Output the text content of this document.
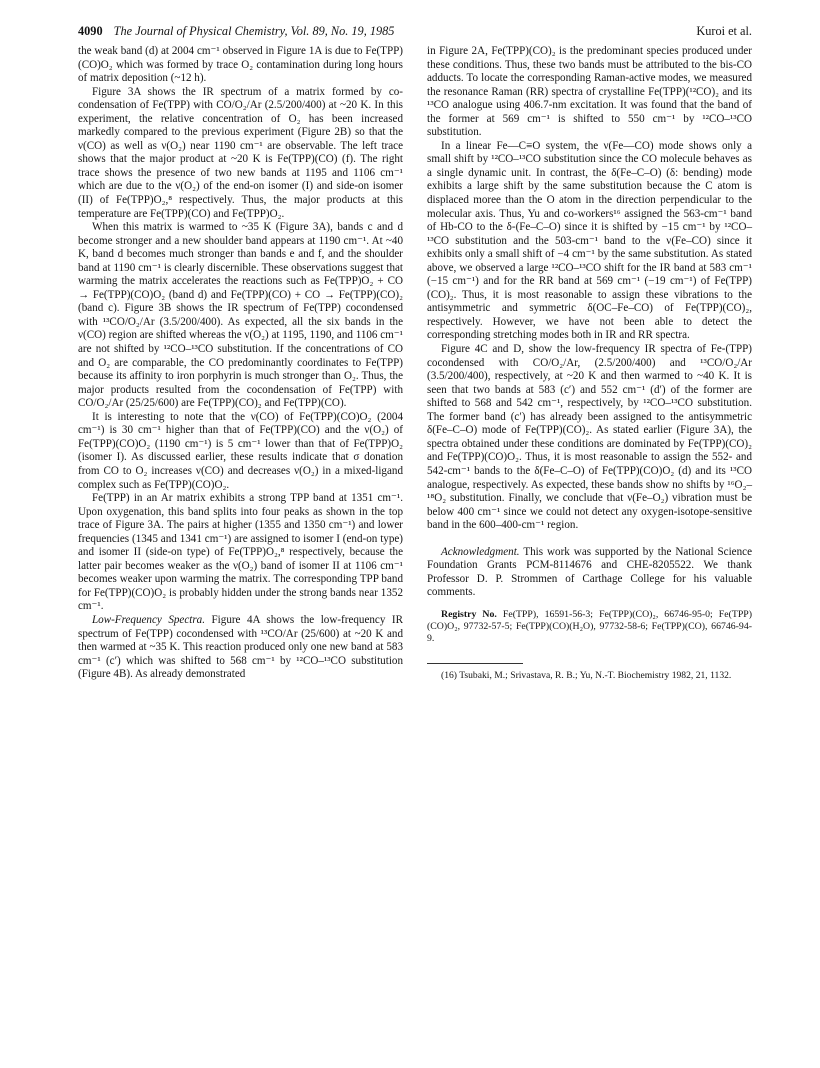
4090 The Journal of Physical Chemistry, Vol. 89, No. 19, 1985	Kuroi et al.

the weak band (d) at 2004 cm⁻¹ observed in Figure 1A is due to Fe(TPP)(CO)O₂ which was formed by trace O₂ contamination during long hours of matrix deposition (~12 h).

Figure 3A shows the IR spectrum of a matrix formed by co-condensation of Fe(TPP) with CO/O₂/Ar (2.5/200/400) at ~20 K. In this experiment, the relative concentration of O₂ has been increased markedly compared to the previous experiment (Figure 2B) so that the ν(CO) as well as ν(O₂) near 1190 cm⁻¹ are observable. The left trace shows that the major product at ~20 K is Fe(TPP)(CO) (f). The right trace shows the presence of two new bands at 1195 and 1106 cm⁻¹ which are due to the ν(O₂) of the end-on isomer (I) and side-on isomer (II) of Fe(TPP)O₂,⁸ respectively. Thus, the major products at this temperature are Fe(TPP)(CO) and Fe(TPP)O₂.

When this matrix is warmed to ~35 K (Figure 3A), bands c and d become stronger and a new shoulder band appears at 1190 cm⁻¹. At ~40 K, band d becomes much stronger than bands e and f, and the shoulder band at 1190 cm⁻¹ is clearly discernible. These observations suggest that warming the matrix accelerates the reactions such as Fe(TPP)O₂ + CO → Fe(TPP)(CO)O₂ (band d) and Fe(TPP)(CO) + CO → Fe(TPP)(CO)₂ (band c). Figure 3B shows the IR spectrum of Fe(TPP) cocondensed with ¹³CO/O₂/Ar (3.5/200/400). As expected, all the six bands in the ν(CO) region are shifted whereas the ν(O₂) at 1195, 1190, and 1106 cm⁻¹ are not shifted by ¹²CO–¹³CO substitution. If the concentrations of CO and O₂ are comparable, the CO predominantly coordinates to Fe(TPP) because its affinity to iron porphyrin is much stronger than O₂. Thus, the major products resulted from the cocondensation of Fe(TPP) with CO/O₂/Ar (25/25/600) are Fe(TPP)(CO)₂ and Fe(TPP)(CO).

It is interesting to note that the ν(CO) of Fe(TPP)(CO)O₂ (2004 cm⁻¹) is 30 cm⁻¹ higher than that of Fe(TPP)(CO) and the ν(O₂) of Fe(TPP)(CO)O₂ (1190 cm⁻¹) is 5 cm⁻¹ lower than that of Fe(TPP)O₂ (isomer I). As discussed earlier, these results indicate that σ donation from CO to O₂ increases ν(CO) and decreases ν(O₂) in a mixed-ligand complex such as Fe(TPP)(CO)O₂.

Fe(TPP) in an Ar matrix exhibits a strong TPP band at 1351 cm⁻¹. Upon oxygenation, this band splits into four peaks as shown in the top trace of Figure 3A. The pairs at higher (1355 and 1350 cm⁻¹) and lower frequencies (1345 and 1341 cm⁻¹) are assigned to isomer I (end-on type) and isomer II (side-on type) of Fe(TPP)O₂,⁸ respectively, because the latter pair becomes weaker as the ν(O₂) band of isomer II at 1106 cm⁻¹ becomes weaker upon warming the matrix. The corresponding TPP band for Fe(TPP)(CO)O₂ is probably hidden under the strong bands near 1352 cm⁻¹.

Low-Frequency Spectra. Figure 4A shows the low-frequency IR spectrum of Fe(TPP) cocondensed with ¹³CO/Ar (25/600) at ~20 K and then warmed at ~35 K. This reaction produced only one new band at 583 cm⁻¹ (c′) which was shifted to 568 cm⁻¹ by ¹²CO–¹³CO substitution (Figure 4B). As already demonstrated

in Figure 2A, Fe(TPP)(CO)₂ is the predominant species produced under these conditions. Thus, these two bands must be attributed to the bis-CO adducts. To locate the corresponding Raman-active modes, we measured the resonance Raman (RR) spectra of crystalline Fe(TPP)(¹²CO)₂ and its ¹³CO analogue using 406.7-nm excitation. It was found that the band of the former at 569 cm⁻¹ is shifted to 550 cm⁻¹ by ¹²CO–¹³CO substitution.

In a linear Fe—C≡O system, the ν(Fe—CO) mode shows only a small shift by ¹²CO–¹³CO substitution since the CO molecule behaves as a single dynamic unit. In contrast, the δ(Fe–C–O) (δ: bending) mode exhibits a large shift by the same substitution because the C atom is displaced moree than the O atom in the direction perpendicular to the molecular axis. Thus, Yu and co-workers¹⁶ assigned the 563-cm⁻¹ band of Hb-CO to the δ-(Fe–C–O) since it is shifted by −15 cm⁻¹ by ¹²CO–¹³CO substitution and the 503-cm⁻¹ band to the ν(Fe–CO) since it exhibits only a small shift of −4 cm⁻¹ by the same substitution. As stated above, we observed a large ¹²CO–¹³CO shift for the IR band at 583 cm⁻¹ (−15 cm⁻¹) and for the RR band at 569 cm⁻¹ (−19 cm⁻¹) of Fe(TPP)(CO)₂. Thus, it is most reasonable to assign these vibrations to the antisymmetric and symmetric δ(OC–Fe–CO) of Fe(TPP)(CO)₂, respectively. However, we have not been able to detect the corresponding stretching modes both in IR and RR spectra.

Figure 4C and D, show the low-frequency IR spectra of Fe-(TPP) cocondensed with CO/O₂/Ar, (2.5/200/400) and ¹³CO/O₂/Ar (3.5/200/400), respectively, at ~20 K and then warmed to ~40 K. It is seen that two bands at 583 (c′) and 552 cm⁻¹ (d′) of the former are shifted to 568 and 542 cm⁻¹, respectively, by ¹²CO–¹³CO substitution. The former band (c′) has already been assigned to the antisymmetric δ(Fe–C–O) mode of Fe(TPP)(CO)₂. As stated earlier (Figure 3A), the spectra obtained under these conditions are dominated by Fe(TPP)(CO)₂ and Fe(TPP)(CO)O₂. Thus, it is most reasonable to assign the 552- and 542-cm⁻¹ bands to the δ(Fe–C–O) of Fe(TPP)(CO)O₂ (d) and its ¹³CO analogue, respectively. As expected, these bands show no shifts by ¹⁶O₂–¹⁸O₂ substitution. Finally, we conclude that ν(Fe–O₂) vibration must be below 400 cm⁻¹ since we could not detect any oxygen-isotope-sensitive band in the 600–400-cm⁻¹ region.

Acknowledgment. This work was supported by the National Science Foundation Grants PCM-8114676 and CHE-8205522. We thank Professor D. P. Strommen of Carthage College for his valuable comments.

Registry No. Fe(TPP), 16591-56-3; Fe(TPP)(CO)₂, 66746-95-0; Fe(TPP)(CO)O₂, 97732-57-5; Fe(TPP)(CO)(H₂O), 97732-58-6; Fe(TPP)(CO), 66746-94-9.

(16) Tsubaki, M.; Srivastava, R. B.; Yu, N.-T. Biochemistry 1982, 21, 1132.
